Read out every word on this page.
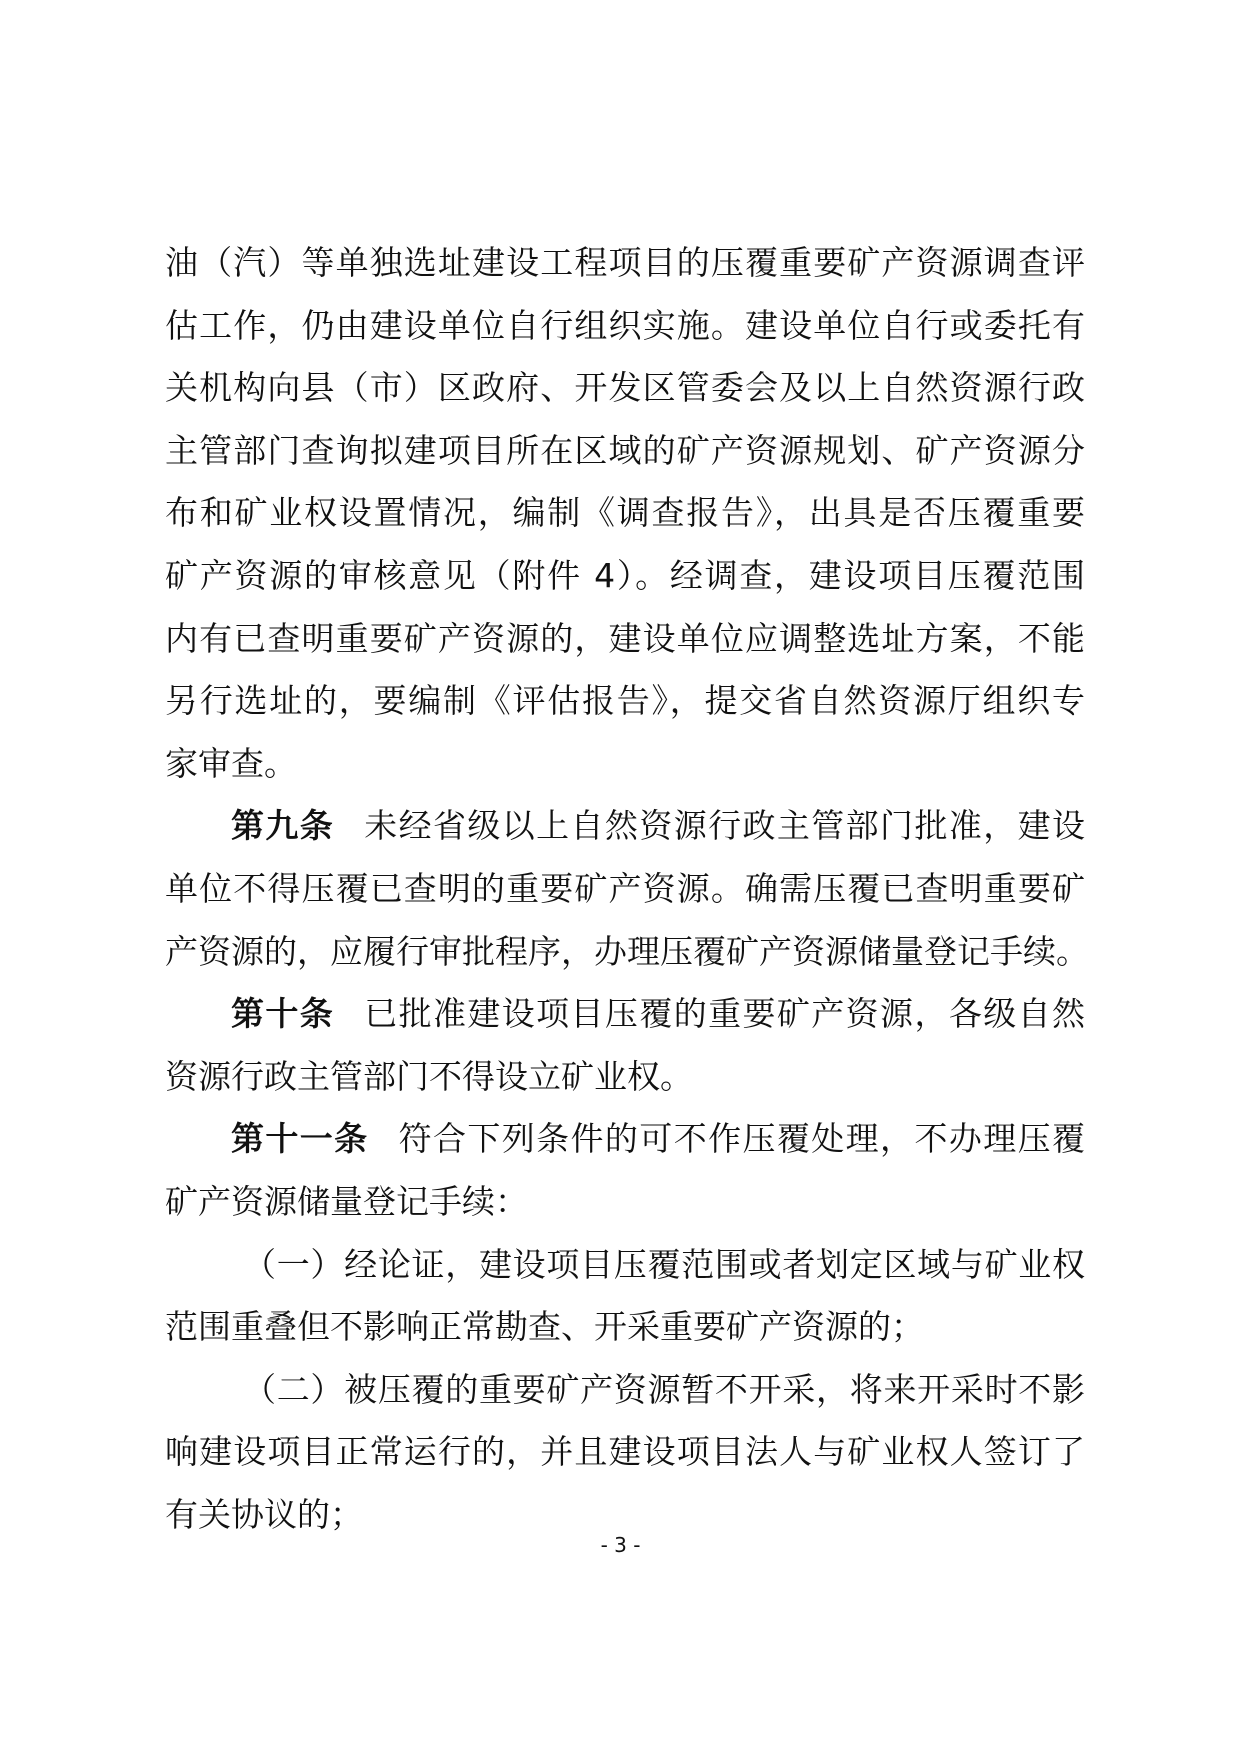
油（汽）等单独选址建设工程项目的压覆重要矿产资源调查评
估工作，仍由建设单位自行组织实施。建设单位自行或委托有
关机构向县（市）区政府、开发区管委会及以上自然资源行政
主管部门查询拟建项目所在区域的矿产资源规划、矿产资源分
布和矿业权设置情况，编制《调查报告》，出具是否压覆重要
矿产资源的审核意见（附件 4）。经调查，建设项目压覆范围
内有已查明重要矿产资源的，建设单位应调整选址方案，不能
另行选址的，要编制《评估报告》，提交省自然资源厅组织专
家审查。
第九条 未经省级以上自然资源行政主管部门批准，建设
单位不得压覆已查明的重要矿产资源。确需压覆已查明重要矿
产资源的，应履行审批程序，办理压覆矿产资源储量登记手续。
第十条 已批准建设项目压覆的重要矿产资源，各级自然
资源行政主管部门不得设立矿业权。
第十一条 符合下列条件的可不作压覆处理，不办理压覆
矿产资源储量登记手续：
（一）经论证，建设项目压覆范围或者划定区域与矿业权
范围重叠但不影响正常勘查、开采重要矿产资源的；
（二）被压覆的重要矿产资源暂不开采，将来开采时不影
响建设项目正常运行的，并且建设项目法人与矿业权人签订了
有关协议的；
- 3 -
